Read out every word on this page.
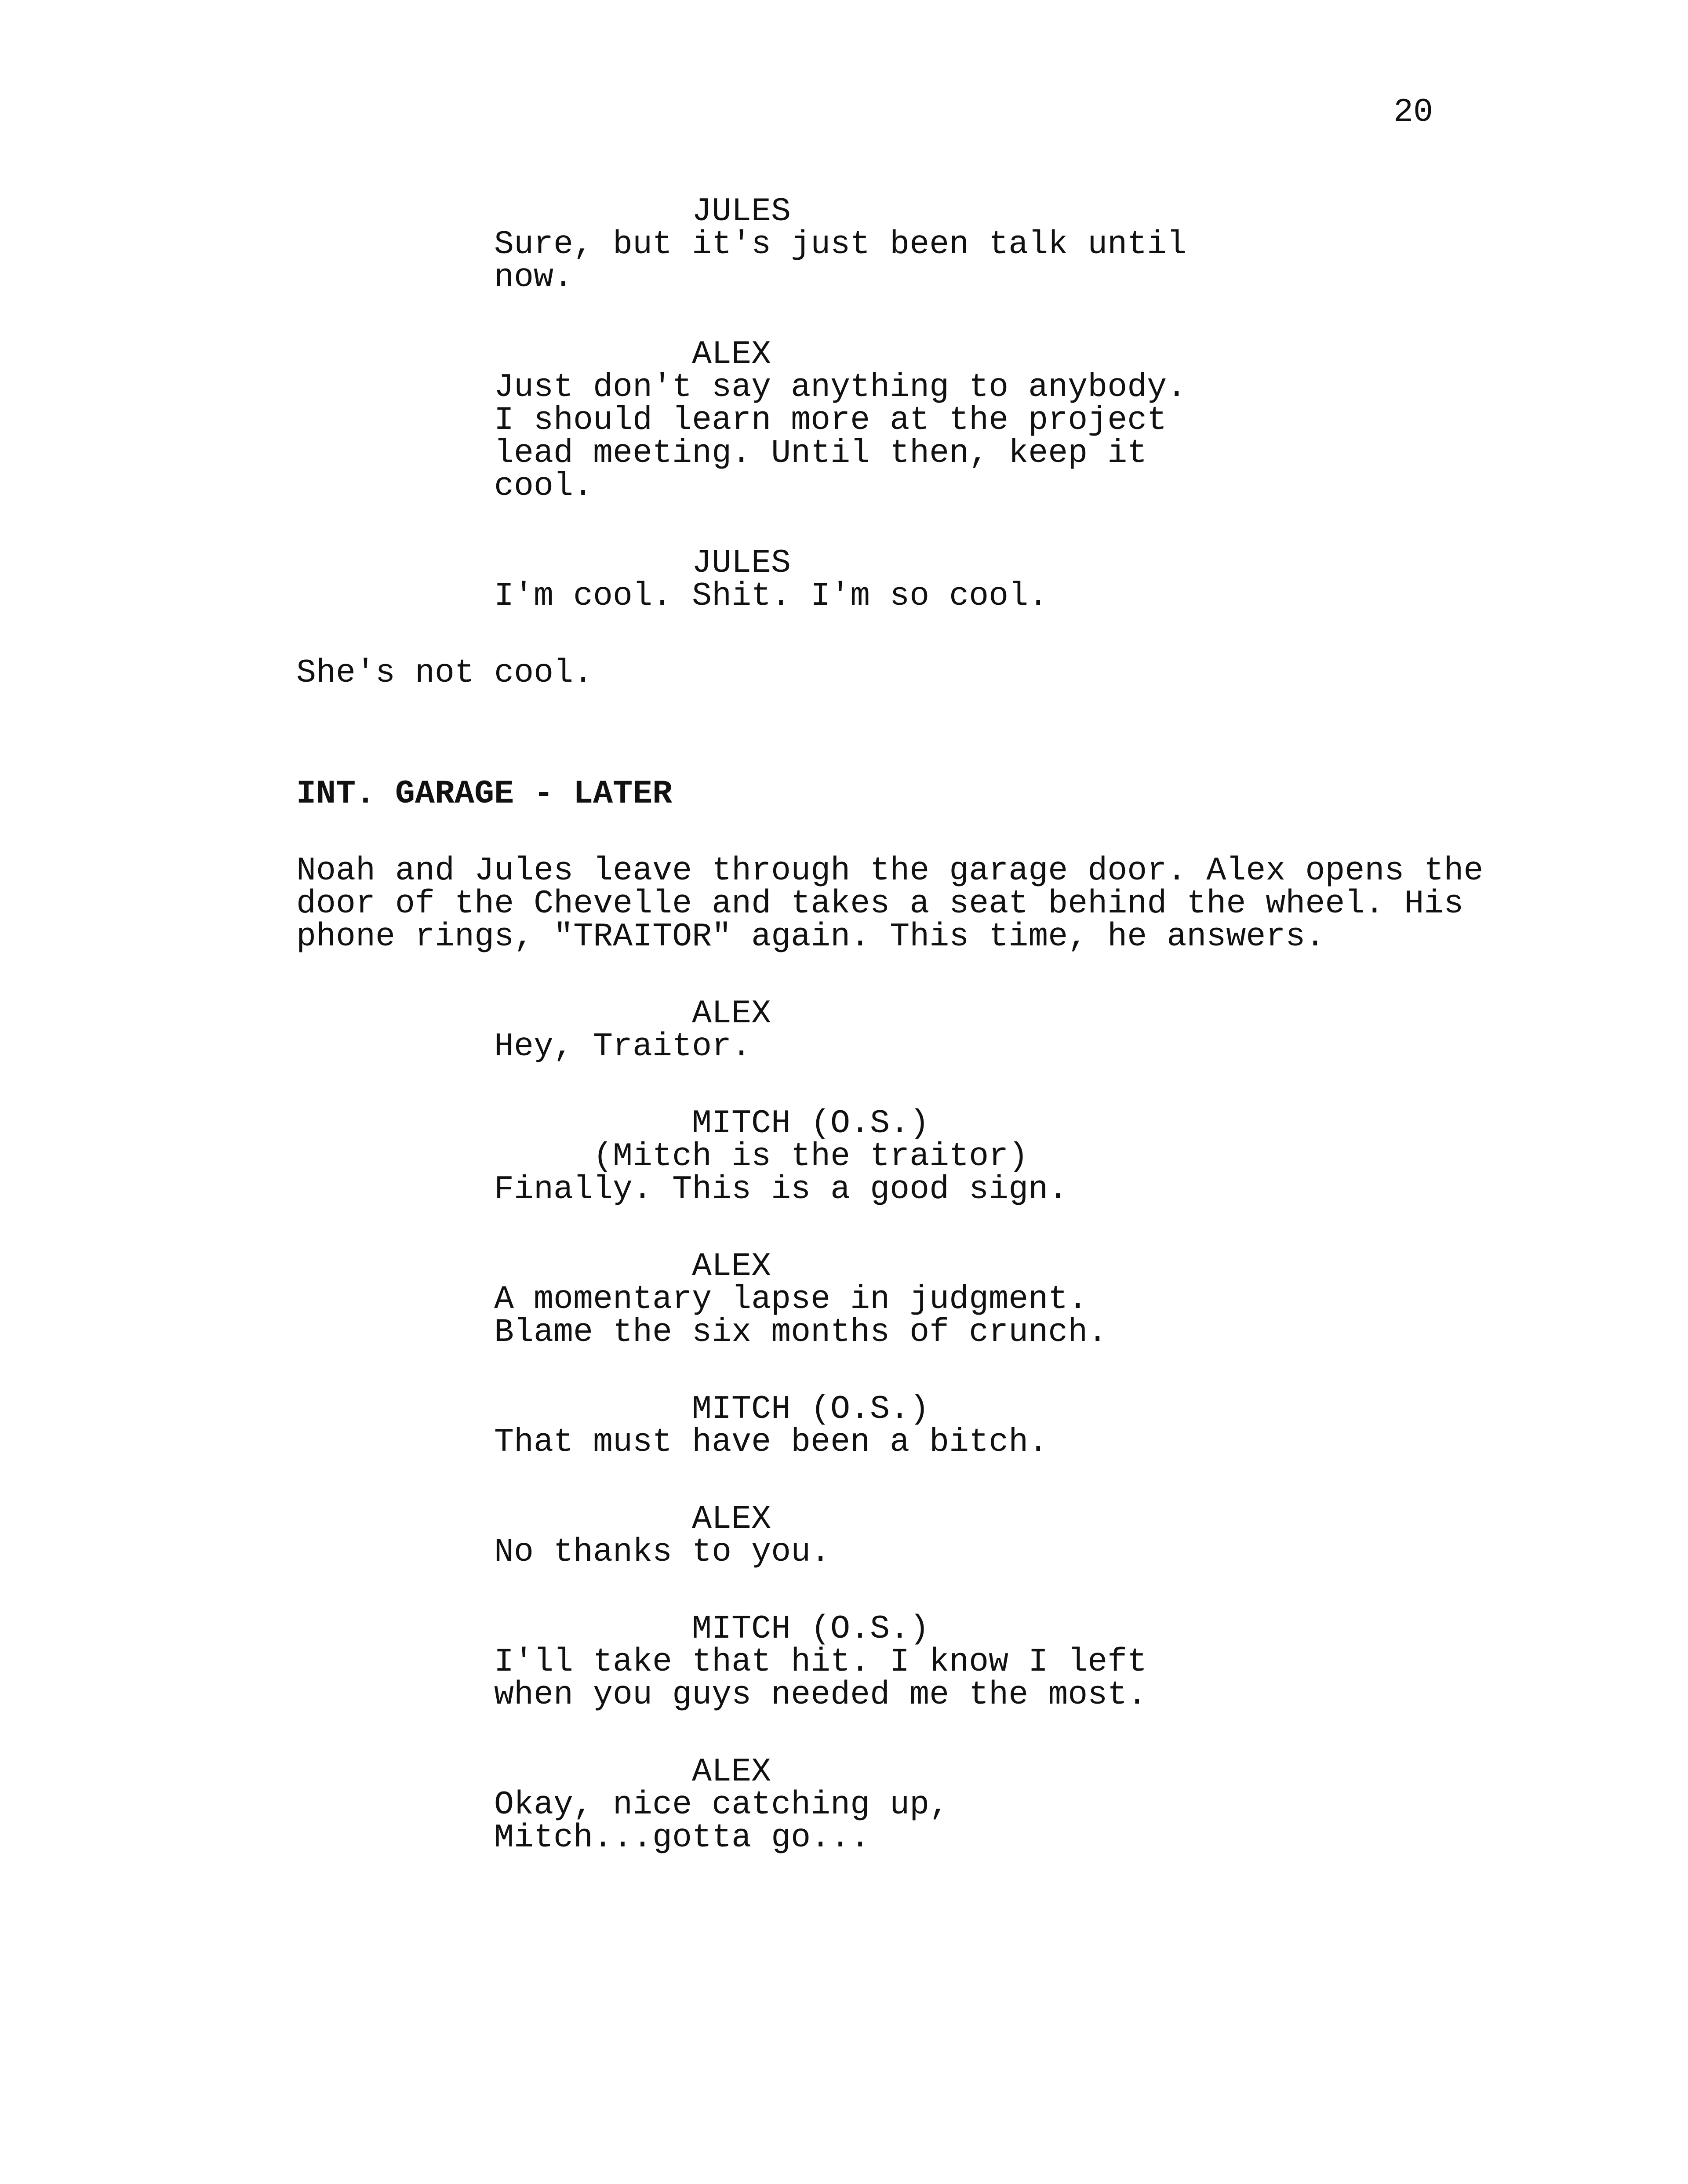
20
JULES
Sure, but it's just been talk until
now.
ALEX
Just don't say anything to anybody.
I should learn more at the project
lead meeting. Until then, keep it
cool.
JULES
I'm cool. Shit. I'm so cool.
She's not cool.
INT. GARAGE - LATER
Noah and Jules leave through the garage door. Alex opens the
door of the Chevelle and takes a seat behind the wheel. His
phone rings, "TRAITOR" again. This time, he answers.
ALEX
Hey, Traitor.
MITCH (O.S.)
(Mitch is the traitor)
Finally. This is a good sign.
ALEX
A momentary lapse in judgment.
Blame the six months of crunch.
MITCH (O.S.)
That must have been a bitch.
ALEX
No thanks to you.
MITCH (O.S.)
I'll take that hit. I know I left
when you guys needed me the most.
ALEX
Okay, nice catching up,
Mitch...gotta go...
